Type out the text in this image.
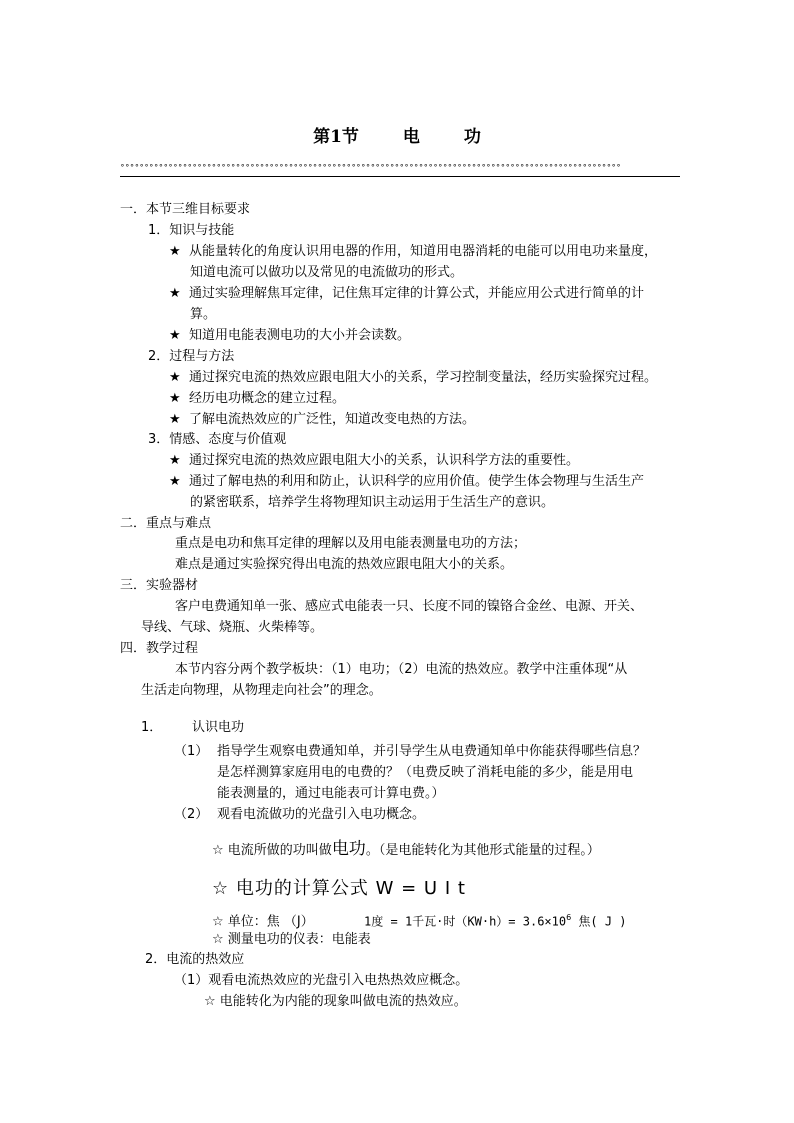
第1节	电	功
°°°°°°°°°°°°°°°°°°°°°°°°°°°°°°°°°°°°°°°°°°°°°°°°°°°°°°°°°°°°°°°°°°°°°°°°°°°°°°°°°°°°°°°°°°°°°°°°°°°°°°°°
一．本节三维目标要求
1．知识与技能
★ 从能量转化的角度认识用电器的作用，知道用电器消耗的电能可以用电功来量度，
知道电流可以做功以及常见的电流做功的形式。
★ 通过实验理解焦耳定律，记住焦耳定律的计算公式，并能应用公式进行简单的计
算。
★ 知道用电能表测电功的大小并会读数。
2．过程与方法
★ 通过探究电流的热效应跟电阻大小的关系，学习控制变量法，经历实验探究过程。
★ 经历电功概念的建立过程。
★ 了解电流热效应的广泛性，知道改变电热的方法。
3．情感、态度与价值观
★ 通过探究电流的热效应跟电阻大小的关系，认识科学方法的重要性。
★ 通过了解电热的利用和防止，认识科学的应用价值。使学生体会物理与生活生产
的紧密联系，培养学生将物理知识主动运用于生活生产的意识。
二．重点与难点
重点是电功和焦耳定律的理解以及用电能表测量电功的方法；
难点是通过实验探究得出电流的热效应跟电阻大小的关系。
三．实验器材
客户电费通知单一张、感应式电能表一只、长度不同的镍铬合金丝、电源、开关、
导线、气球、烧瓶、火柴棒等。
四．教学过程
本节内容分两个教学板块：（1）电功；（2）电流的热效应。教学中注重体现“从
生活走向物理，从物理走向社会”的理念。
1． 认识电功
（1） 指导学生观察电费通知单，并引导学生从电费通知单中你能获得哪些信息？
是怎样测算家庭用电的电费的？（电费反映了消耗电能的多少，能是用电
能表测量的，通过电能表可计算电费。）
（2） 观看电流做功的光盘引入电功概念。
☆ 电流所做的功叫做电功。（是电能转化为其他形式能量的过程。）
☆ 电功的计算公式 W = U I t
☆ 单位：焦 （J）	1度 = 1千瓦·时$(KW\cdot h)= 3.6\times 10^6$ 焦( J )
☆ 测量电功的仪表：电能表
2．电流的热效应
（1）观看电流热效应的光盘引入电热热效应概念。
☆ 电能转化为内能的现象叫做电流的热效应。
